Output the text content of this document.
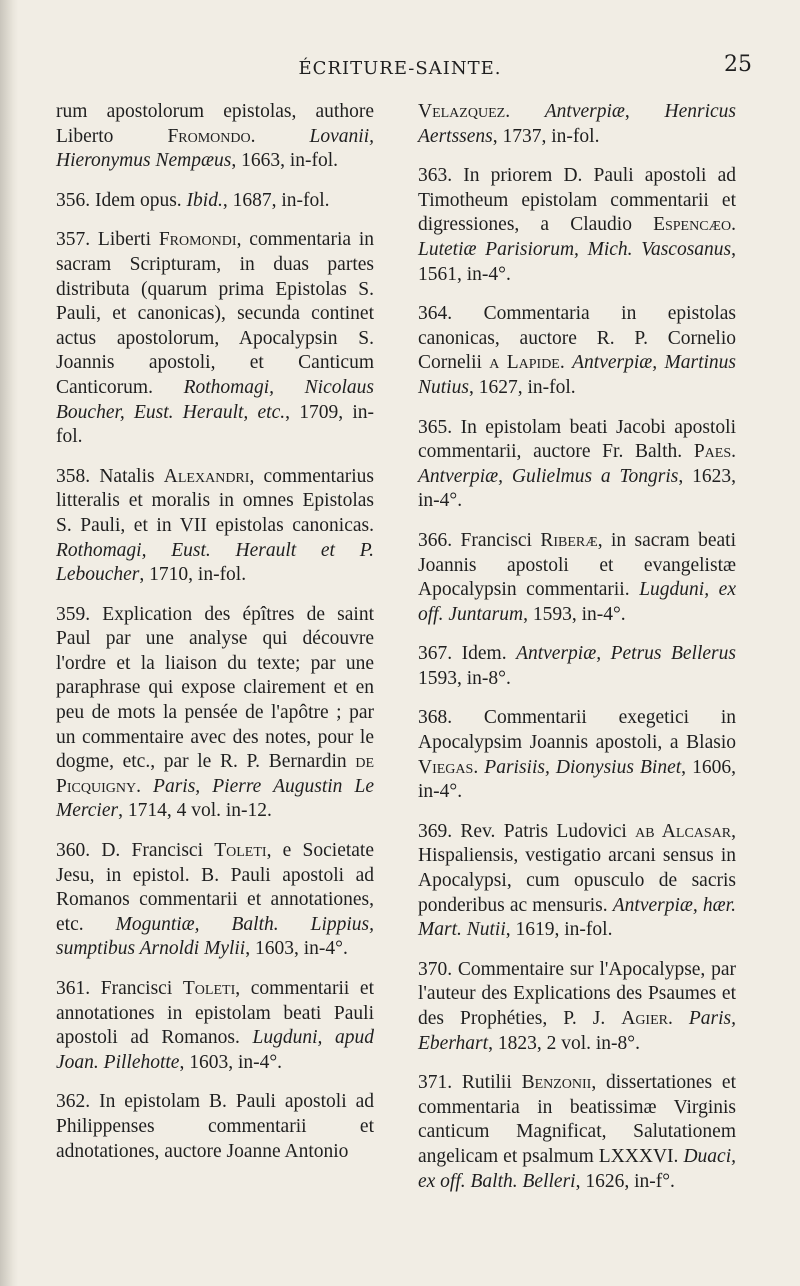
ÉCRITURE-SAINTE.	25

rum apostolorum epistolas, authore Liberto Fromondo. Lovanii, Hieronymus Nempæus, 1663, in-fol.

356. Idem opus. Ibid., 1687, in-fol.

357. Liberti Fromondi, commentaria in sacram Scripturam, in duas partes distributa (quarum prima Epistolas S. Pauli, et canonicas), secunda continet actus apostolorum, Apocalypsin S. Joannis apostoli, et Canticum Canticorum. Rothomagi, Nicolaus Boucher, Eust. Herault, etc., 1709, in-fol.

358. Natalis Alexandri, commentarius litteralis et moralis in omnes Epistolas S. Pauli, et in VII epistolas canonicas. Rothomagi, Eust. Herault et P. Leboucher, 1710, in-fol.

359. Explication des épîtres de saint Paul par une analyse qui découvre l'ordre et la liaison du texte; par une paraphrase qui expose clairement et en peu de mots la pensée de l'apôtre ; par un commentaire avec des notes, pour le dogme, etc., par le R. P. Bernardin de Picquigny. Paris, Pierre Augustin Le Mercier, 1714, 4 vol. in-12.

360. D. Francisci Toleti, e Societate Jesu, in epistol. B. Pauli apostoli ad Romanos commentarii et annotationes, etc. Moguntiæ, Balth. Lippius, sumptibus Arnoldi Mylii, 1603, in-4°.

361. Francisci Toleti, commentarii et annotationes in epistolam beati Pauli apostoli ad Romanos. Lugduni, apud Joan. Pillehotte, 1603, in-4°.

362. In epistolam B. Pauli apostoli ad Philippenses commentarii et adnotationes, auctore Joanne Antonio

Velazquez. Antverpiæ, Henricus Aertssens, 1737, in-fol.

363. In priorem D. Pauli apostoli ad Timotheum epistolam commentarii et digressiones, a Claudio Espencæo. Lutetiæ Parisiorum, Mich. Vascosanus, 1561, in-4°.

364. Commentaria in epistolas canonicas, auctore R. P. Cornelio Cornelii a Lapide. Antverpiæ, Martinus Nutius, 1627, in-fol.

365. In epistolam beati Jacobi apostoli commentarii, auctore Fr. Balth. Paes. Antverpiæ, Gulielmus a Tongris, 1623, in-4°.

366. Francisci Riberæ, in sacram beati Joannis apostoli et evangelistæ Apocalypsin commentarii. Lugduni, ex off. Juntarum, 1593, in-4°.

367. Idem. Antverpiæ, Petrus Bellerus 1593, in-8°.

368. Commentarii exegetici in Apocalypsim Joannis apostoli, a Blasio Viegas. Parisiis, Dionysius Binet, 1606, in-4°.

369. Rev. Patris Ludovici ab Alcasar, Hispaliensis, vestigatio arcani sensus in Apocalypsi, cum opusculo de sacris ponderibus ac mensuris. Antverpiæ, hær. Mart. Nutii, 1619, in-fol.

370. Commentaire sur l'Apocalypse, par l'auteur des Explications des Psaumes et des Prophéties, P. J. Agier. Paris, Eberhart, 1823, 2 vol. in-8°.

371. Rutilii Benzonii, dissertationes et commentaria in beatissimæ Virginis canticum Magnificat, Salutationem angelicam et psalmum LXXXVI. Duaci, ex off. Balth. Belleri, 1626, in-f°.
